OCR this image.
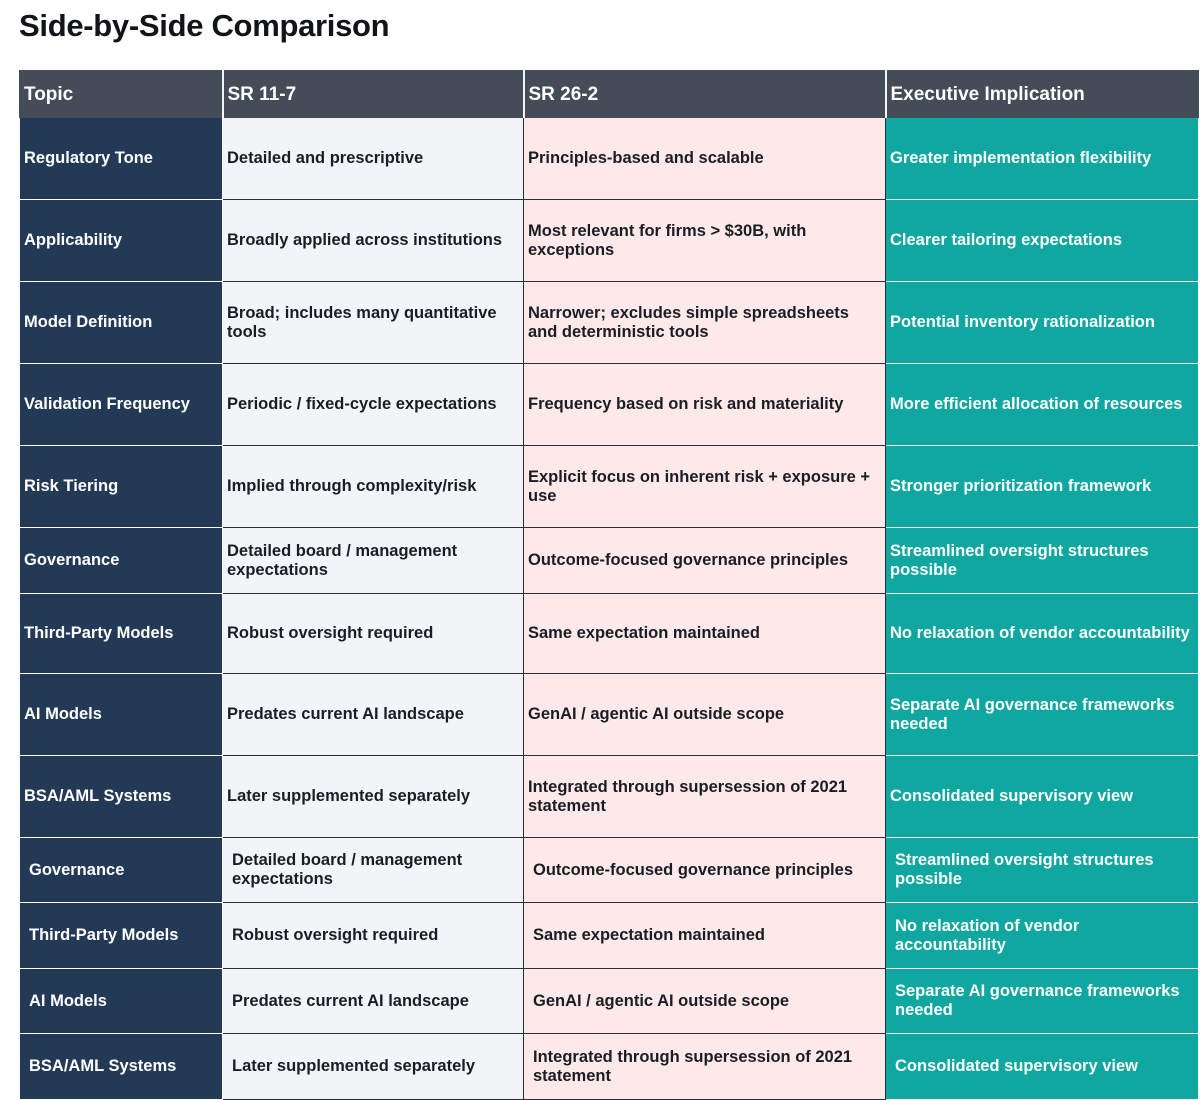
Side-by-Side Comparison
Topic	SR 11-7	SR 26-2	Executive Implication
Regulatory Tone	Detailed and prescriptive	Principles-based and scalable	Greater implementation flexibility
Applicability	Broadly applied across institutions	Most relevant for firms > $30B, with exceptions	Clearer tailoring expectations
Model Definition	Broad; includes many quantitative tools	Narrower; excludes simple spreadsheets and deterministic tools	Potential inventory rationalization
Validation Frequency	Periodic / fixed-cycle expectations	Frequency based on risk and materiality	More efficient allocation of resources
Risk Tiering	Implied through complexity/risk	Explicit focus on inherent risk + exposure + use	Stronger prioritization framework
Governance	Detailed board / management expectations	Outcome-focused governance principles	Streamlined oversight structures possible
Third-Party Models	Robust oversight required	Same expectation maintained	No relaxation of vendor accountability
AI Models	Predates current AI landscape	GenAI / agentic AI outside scope	Separate AI governance frameworks needed
BSA/AML Systems	Later supplemented separately	Integrated through supersession of 2021 statement	Consolidated supervisory view
Governance	Detailed board / management expectations	Outcome-focused governance principles	Streamlined oversight structures possible
Third-Party Models	Robust oversight required	Same expectation maintained	No relaxation of vendor accountability
AI Models	Predates current AI landscape	GenAI / agentic AI outside scope	Separate AI governance frameworks needed
BSA/AML Systems	Later supplemented separately	Integrated through supersession of 2021 statement	Consolidated supervisory view
